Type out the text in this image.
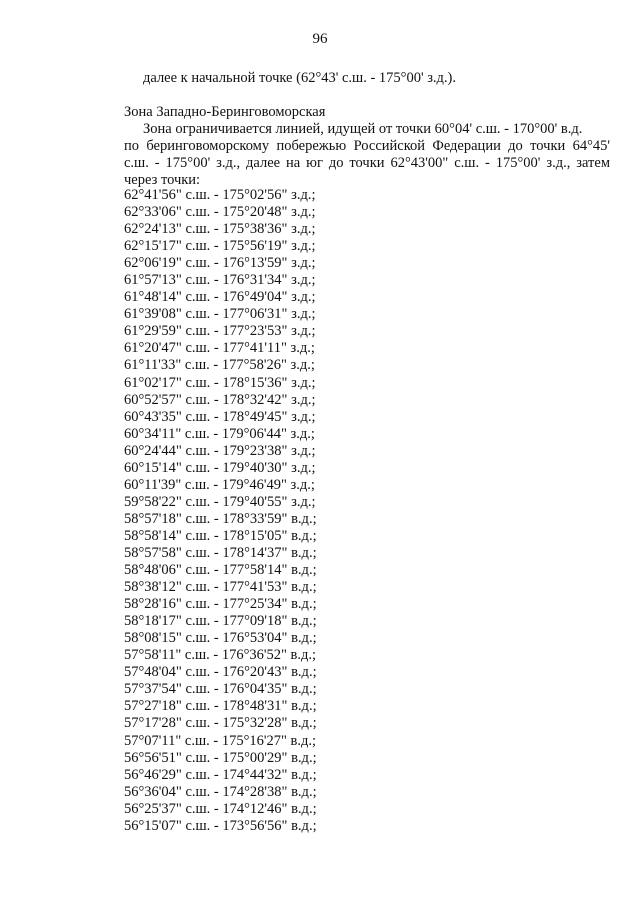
96
далее к начальной точке (62°43' с.ш. - 175°00' з.д.).
Зона Западно-Беринговоморская
Зона ограничивается линией, идущей от точки 60°04' с.ш. - 170°00' в.д.
по беринговоморскому побережью Российской Федерации до точки 64°45'
с.ш. - 175°00' з.д., далее на юг до точки 62°43'00" с.ш. - 175°00' з.д., затем
через точки:
62°41'56" с.ш. - 175°02'56" з.д.;
62°33'06" с.ш. - 175°20'48" з.д.;
62°24'13" с.ш. - 175°38'36" з.д.;
62°15'17" с.ш. - 175°56'19" з.д.;
62°06'19" с.ш. - 176°13'59" з.д.;
61°57'13" с.ш. - 176°31'34" з.д.;
61°48'14" с.ш. - 176°49'04" з.д.;
61°39'08" с.ш. - 177°06'31" з.д.;
61°29'59" с.ш. - 177°23'53" з.д.;
61°20'47" с.ш. - 177°41'11" з.д.;
61°11'33" с.ш. - 177°58'26" з.д.;
61°02'17" с.ш. - 178°15'36" з.д.;
60°52'57" с.ш. - 178°32'42" з.д.;
60°43'35" с.ш. - 178°49'45" з.д.;
60°34'11" с.ш. - 179°06'44" з.д.;
60°24'44" с.ш. - 179°23'38" з.д.;
60°15'14" с.ш. - 179°40'30" з.д.;
60°11'39" с.ш. - 179°46'49" з.д.;
59°58'22" с.ш. - 179°40'55" з.д.;
58°57'18" с.ш. - 178°33'59" в.д.;
58°58'14" с.ш. - 178°15'05" в.д.;
58°57'58" с.ш. - 178°14'37" в.д.;
58°48'06" с.ш. - 177°58'14" в.д.;
58°38'12" с.ш. - 177°41'53" в.д.;
58°28'16" с.ш. - 177°25'34" в.д.;
58°18'17" с.ш. - 177°09'18" в.д.;
58°08'15" с.ш. - 176°53'04" в.д.;
57°58'11" с.ш. - 176°36'52" в.д.;
57°48'04" с.ш. - 176°20'43" в.д.;
57°37'54" с.ш. - 176°04'35" в.д.;
57°27'18" с.ш. - 178°48'31" в.д.;
57°17'28" с.ш. - 175°32'28" в.д.;
57°07'11" с.ш. - 175°16'27" в.д.;
56°56'51" с.ш. - 175°00'29" в.д.;
56°46'29" с.ш. - 174°44'32" в.д.;
56°36'04" с.ш. - 174°28'38" в.д.;
56°25'37" с.ш. - 174°12'46" в.д.;
56°15'07" с.ш. - 173°56'56" в.д.;
